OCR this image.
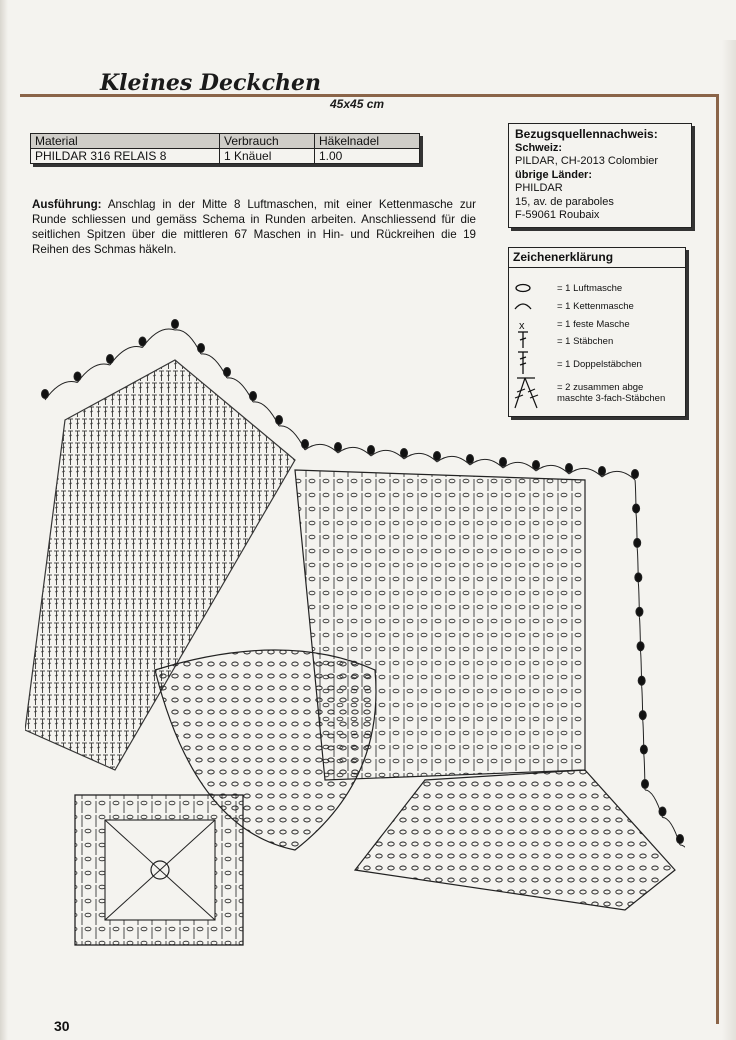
Kleines Deckchen
45x45 cm
Material	Verbrauch	Häkelnadel
PHILDAR 316 RELAIS 8	1 Knäuel	1.00
Ausführung: Anschlag in der Mitte 8 Luftmaschen, mit einer Kettenmasche zur Runde schliessen und gemäss Schema in Runden arbeiten. Anschliessend für die seitlichen Spitzen über die mittleren 67 Maschen in Hin- und Rückreihen die 19 Reihen des Schmas häkeln.
Bezugsquellennachweis:
Schweiz:
PILDAR, CH-2013 Colombier
übrige Länder:
PHILDAR
15, av. de paraboles
F-59061 Roubaix
Zeichenerklärung
x
= 1 Luftmasche
= 1 Kettenmasche
= 1 feste Masche
= 1 Stäbchen
= 1 Doppelstäbchen
= 2 zusammen abge maschte 3-fach-Stäbchen
30
